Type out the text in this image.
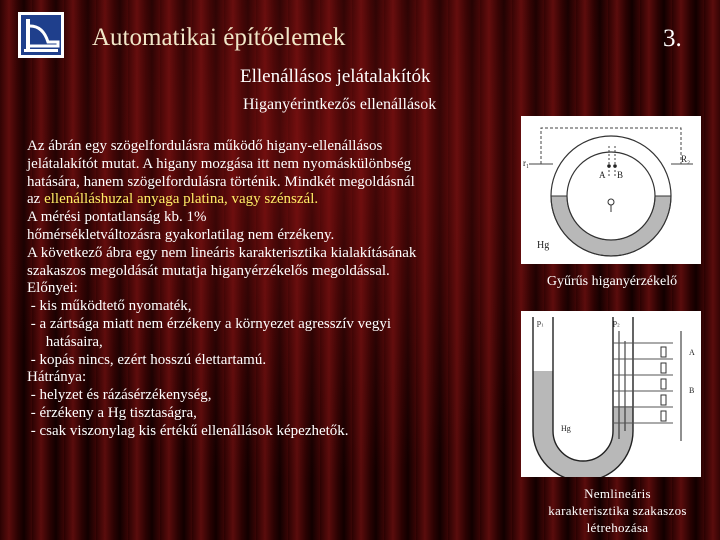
Automatikai építőelemek	3.
Ellenállásos jelátalakítók
Higanyérintkezős ellenállások
Az ábrán egy szögelfordulásra működő higany-ellenállásos
jelátalakítót mutat. A higany mozgása itt nem nyomáskülönbség
hatására, hanem szögelfordulásra történik. Mindkét megoldásnál
az ellenálláshuzal anyaga platina, vagy szénszál.
A mérési pontatlanság kb. 1%
hőmérsékletváltozásra gyakorlatilag nem érzékeny.
A következő ábra egy nem lineáris karakterisztika kialakításának
szakaszos megoldását mutatja higanyérzékelős megoldással.
Előnyei:
- kis működtető nyomaték,
- a zártsága miatt nem érzékeny a környezet agresszív vegyi
hatásaira,
- kopás nincs, ezért hosszú élettartamú.
Hátránya:
- helyzet és rázásérzékenység,
- érzékeny a Hg tisztaságra,
- csak viszonylag kis értékű ellenállások képezhetők.
r₁	R₂
A B
Hg
Gyűrűs higanyérzékelő
p₁	p₂
A
B
Hg
Nemlineáris
karakterisztika szakaszos
létrehozása
